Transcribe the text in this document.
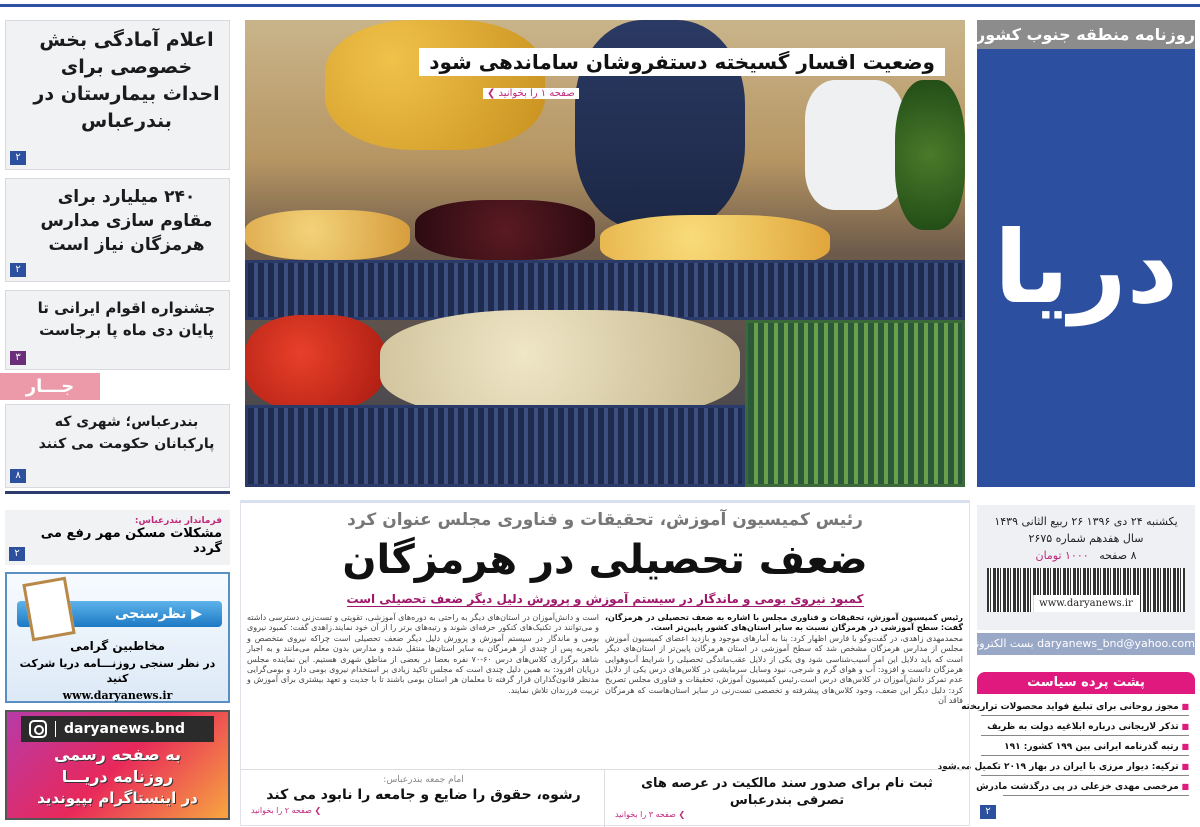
اعلام آمادگی بخش خصوصی برای احداث بیمارستان در بندرعباس
۲
۲۴۰ میلیارد برای مقاوم سازی مدارس هرمزگان نیاز است
۲
جشنواره اقوام ایرانی تا پایان دی ماه پا برجاست
۳
جـــار
بندرعباس؛ شهری که پارکبانان حکومت می کنند
۸
فرماندار بندرعباس:
مشکلات مسکن مهر رفع می گردد
۲
▶ نظرسنجی
مخاطبین گرامی
در نظر سنجی روزنـــامه دریا شرکت کنید
www.daryanews.ir
daryanews.bnd
به صفحه رسمی
روزنامه دریـــا
در اینستاگرام بپیوندید
وضعیت افسار گسیخته دستفروشان ساماندهی شود
صفحه ۱ را بخوانید ❯
دریا
روزنامه منطقه جنوب کشور
یکشنبه ۲۴ دی ۱۳۹۶ ۲۶ ربیع الثانی ۱۴۳۹
سال هفدهم شماره ۲۶۷۵
۸ صفحه   ۱۰۰۰ تومان
www.daryanews.ir
daryanews_bnd@yahoo.com بست الکترونیکی
پشت پرده سیاست
■ مجوز روحانی برای تبلیغ فواید محصولات تراریخته
■ تذکر لاریجانی درباره ابلاغیه دولت به ظریف
■ رتبه گذرنامه ایرانی بین ۱۹۹ کشور: ۱۹۱
■ ترکیه: دیوار مرزی با ایران در بهار ۲۰۱۹ تکمیل می‌شود
■ مرخصی مهدی خزعلی در پی درگذشت مادرش
۲
رئیس کمیسیون آموزش، تحقیقات و فناوری مجلس عنوان کرد
ضعف تحصیلی در هرمزگان
کمبود نیروی بومی و ماندگار در سیستم آموزش و پرورش دلیل دیگر ضعف تحصیلی است
رئیس کمیسیون آموزش، تحقیقات و فناوری مجلس با اشاره به ضعف تحصیلی در هرمزگان، گفت: سطح آموزشی در هرمزگان نسبت به سایر استان‌های کشور پایین‌تر است.
محمدمهدی زاهدی، در گفت‌وگو با فارس اظهار کرد: بنا به آمارهای موجود و بازدید اعضای کمیسیون آموزش مجلس از مدارس هرمزگان مشخص شد که سطح آموزشی در استان هرمزگان پایین‌تر از استان‌های دیگر است که باید دلایل این امر آسیب‌شناسی شود وی یکی از دلایل عقب‌ماندگی تحصیلی را شرایط آب‌وهوایی هرمزگان دانست و افزود: آب و هوای گرم و شرجی، نبود وسایل سرمایشی در کلاس‌های درس یکی از دلایل عدم تمرکز دانش‌آموزان در کلاس‌های درس است.رئیس کمیسیون آموزش، تحقیقات و فناوری مجلس تصریح کرد: دلیل دیگر این ضعف، وجود کلاس‌های پیشرفته و تخصصی تست‌زنی در سایر استان‌هاست که هرمزگان فاقد آن
است و دانش‌آموزان در استان‌های دیگر به راحتی به دوره‌های آموزشی، تقویتی و تست‌زنی دسترسی داشته و می‌توانند در تکنیک‌های کنکور حرفه‌ای شوند و رتبه‌های برتر را از آن خود نمایند.زاهدی گفت: کمبود نیروی بومی و ماندگار در سیستم آموزش و پرورش دلیل دیگر ضعف تحصیلی است چراکه نیروی متخصص و باتجربه پس از چندی از هرمزگان به سایر استان‌ها منتقل شده و مدارس بدون معلم می‌مانند و به اجبار شاهد برگزاری کلاس‌های درس ۶۰-۷۰ نفره بعضا در بعضی از مناطق شهری هستیم. این نماینده مجلس درپایان افزود: به همین دلیل چندی است که مجلس تاکید زیادی بر استخدام نیروی بومی دارد و بومی‌گرایی مدنظر قانون‌گذاران قرار گرفته تا معلمان هر استان بومی باشند تا با جدیت و تعهد بیشتری برای آموزش و تربیت فرزندان تلاش نمایند.
ثبت نام برای صدور سند مالکیت در عرصه های تصرفی بندرعباس
❯ صفحه ۳ را بخوانید
امام جمعه بندرعباس:
رشوه، حقوق را ضایع و جامعه را نابود می کند
❯ صفحه ۲ را بخوانید
